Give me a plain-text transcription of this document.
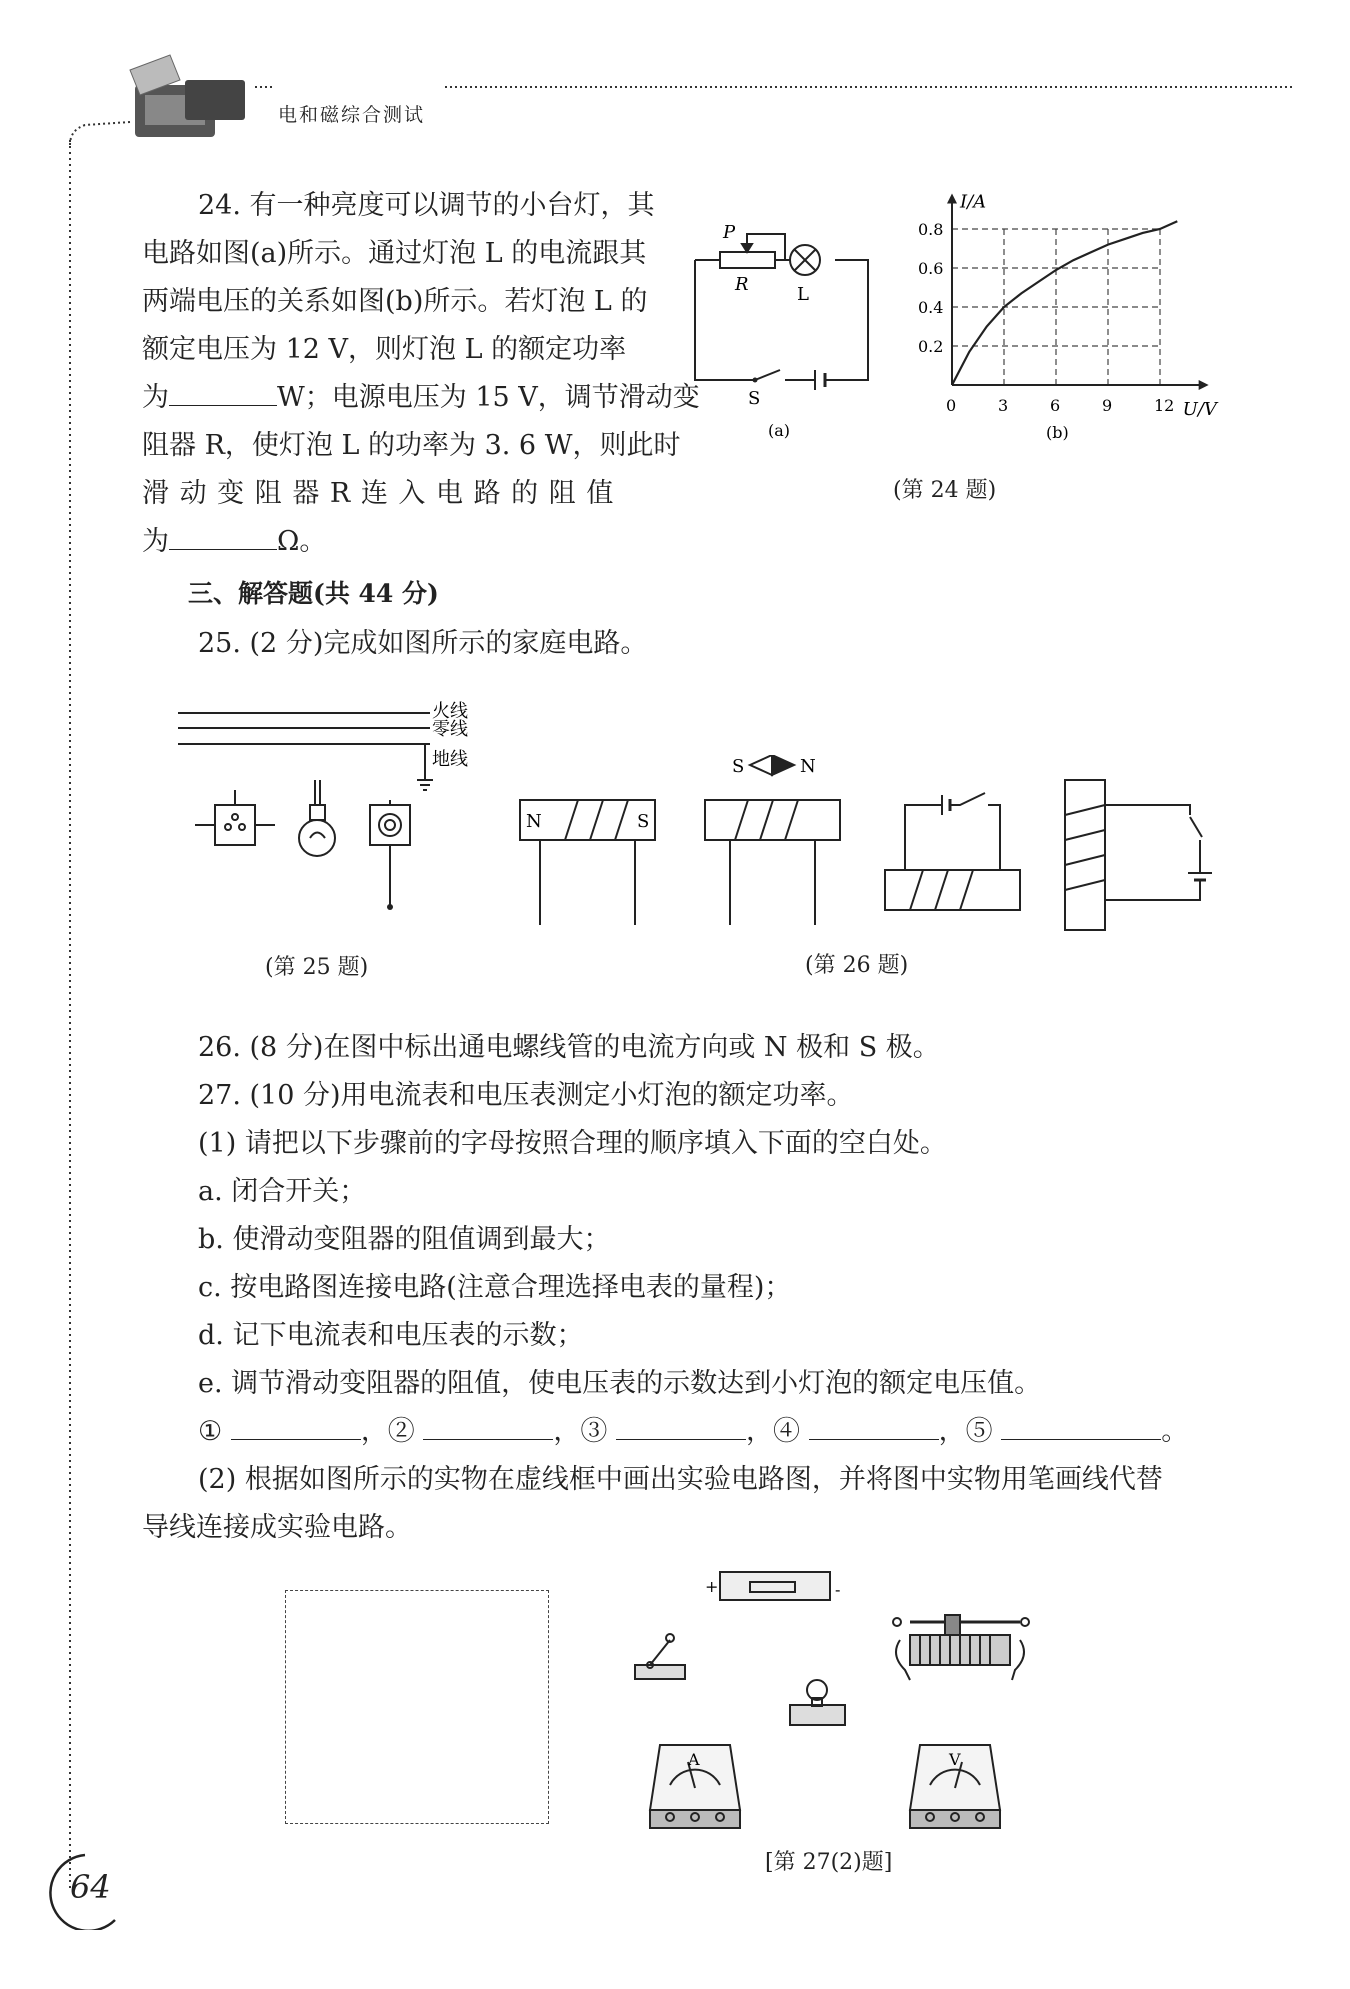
电和磁综合测试
64
24. 有一种亮度可以调节的小台灯，其
电路如图(a)所示。通过灯泡 L 的电流跟其
两端电压的关系如图(b)所示。若灯泡 L 的
额定电压为 12 V，则灯泡 L 的额定功率
为	W；电源电压为 15 V，调节滑动变
阻器 R，使灯泡 L 的功率为 3. 6 W，则此时
滑 动 变 阻 器 R 连 入 电 路 的 阻 值
为	Ω。
P
R	L
S
(a)
0	3	6	9	12
0.2
0.4
0.6
0.8
I/A
U/V
(b)
(第 24 题)
三、解答题(共 44 分)
25. (2 分)完成如图所示的家庭电路。
火线
零线
地线
(第 25 题)
N	S
S	N
(第 26 题)
26. (8 分)在图中标出通电螺线管的电流方向或 N 极和 S 极。
27. (10 分)用电流表和电压表测定小灯泡的额定功率。
(1) 请把以下步骤前的字母按照合理的顺序填入下面的空白处。
a. 闭合开关；
b. 使滑动变阻器的阻值调到最大；
c. 按电路图连接电路(注意合理选择电表的量程)；
d. 记下电流表和电压表的示数；
e. 调节滑动变阻器的阻值，使电压表的示数达到小灯泡的额定电压值。
①	，②	，③	，④	，⑤	。
(2) 根据如图所示的实物在虚线框中画出实验电路图，并将图中实物用笔画线代替
导线连接成实验电路。
+	-
A	V
[第 27(2)题]
